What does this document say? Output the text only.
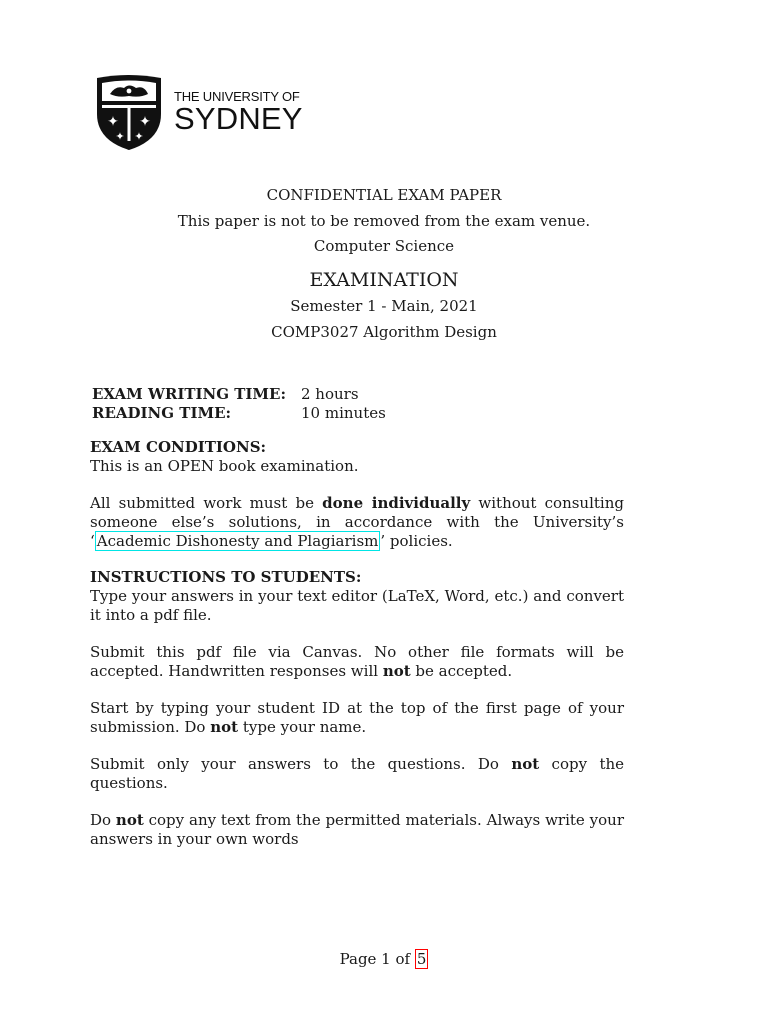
✦ ✦
✦ ✦
THE UNIVERSITY OF
SYDNEY
CONFIDENTIAL EXAM PAPER
This paper is not to be removed from the exam venue.
Computer Science
EXAMINATION
Semester 1 - Main, 2021
COMP3027 Algorithm Design
EXAM WRITING TIME: 2 hours
READING TIME:	10 minutes
EXAM CONDITIONS:
This is an OPEN book examination.
All submitted work must be done individually without consulting someone else’s solutions, in accordance with the University’s ‘ Academic Dishonesty and Plagiarism ’ policies.
INSTRUCTIONS TO STUDENTS:
Type your answers in your text editor (LaTeX, Word, etc.) and convert it into a pdf file.
Submit this pdf file via Canvas. No other file formats will be accepted. Handwritten responses will not be accepted.
Start by typing your student ID at the top of the first page of your submission. Do not type your name.
Submit only your answers to the questions. Do not copy the questions.
Do not copy any text from the permitted materials. Always write your answers in your own words
Page 1 of 5
